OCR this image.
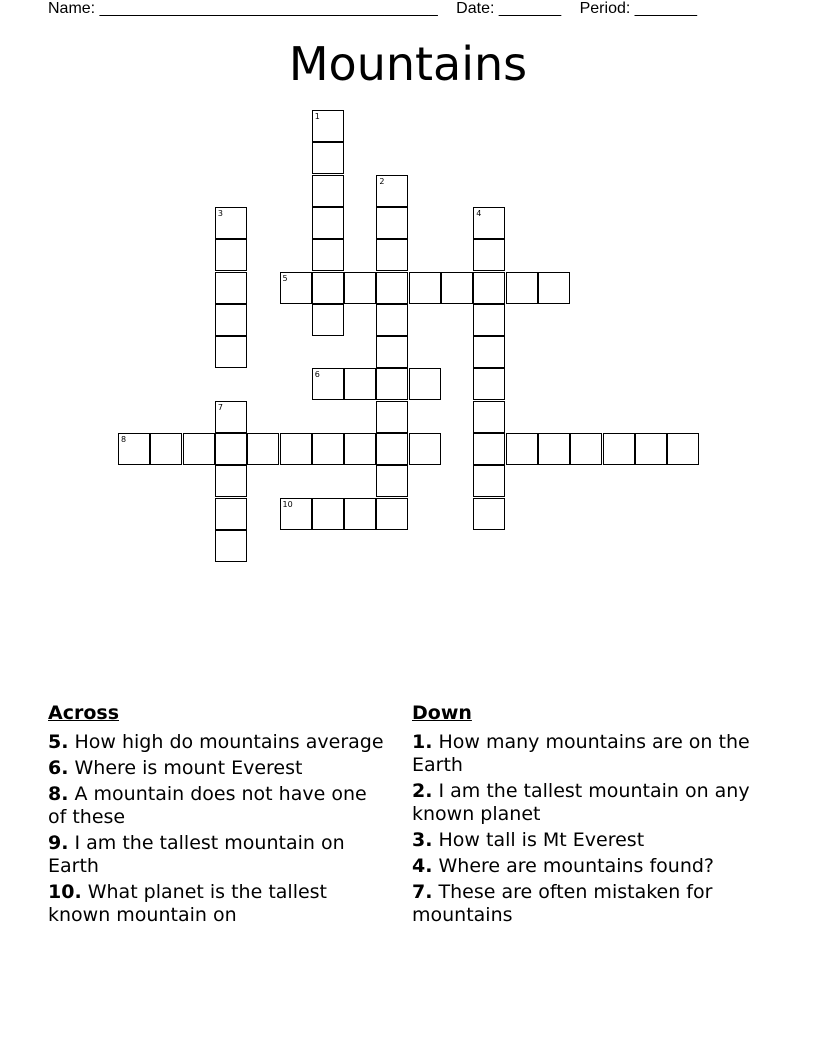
Name: ______________________________________ Date: _______ Period: _______
Mountains
1
2
3	4
5
6
7
8
10
Across
5. How high do mountains average
6. Where is mount Everest
8. A mountain does not have one of these
9. I am the tallest mountain on Earth
10. What planet is the tallest known mountain on
Down
1. How many mountains are on the Earth
2. I am the tallest mountain on any known planet
3. How tall is Mt Everest
4. Where are mountains found?
7. These are often mistaken for mountains
